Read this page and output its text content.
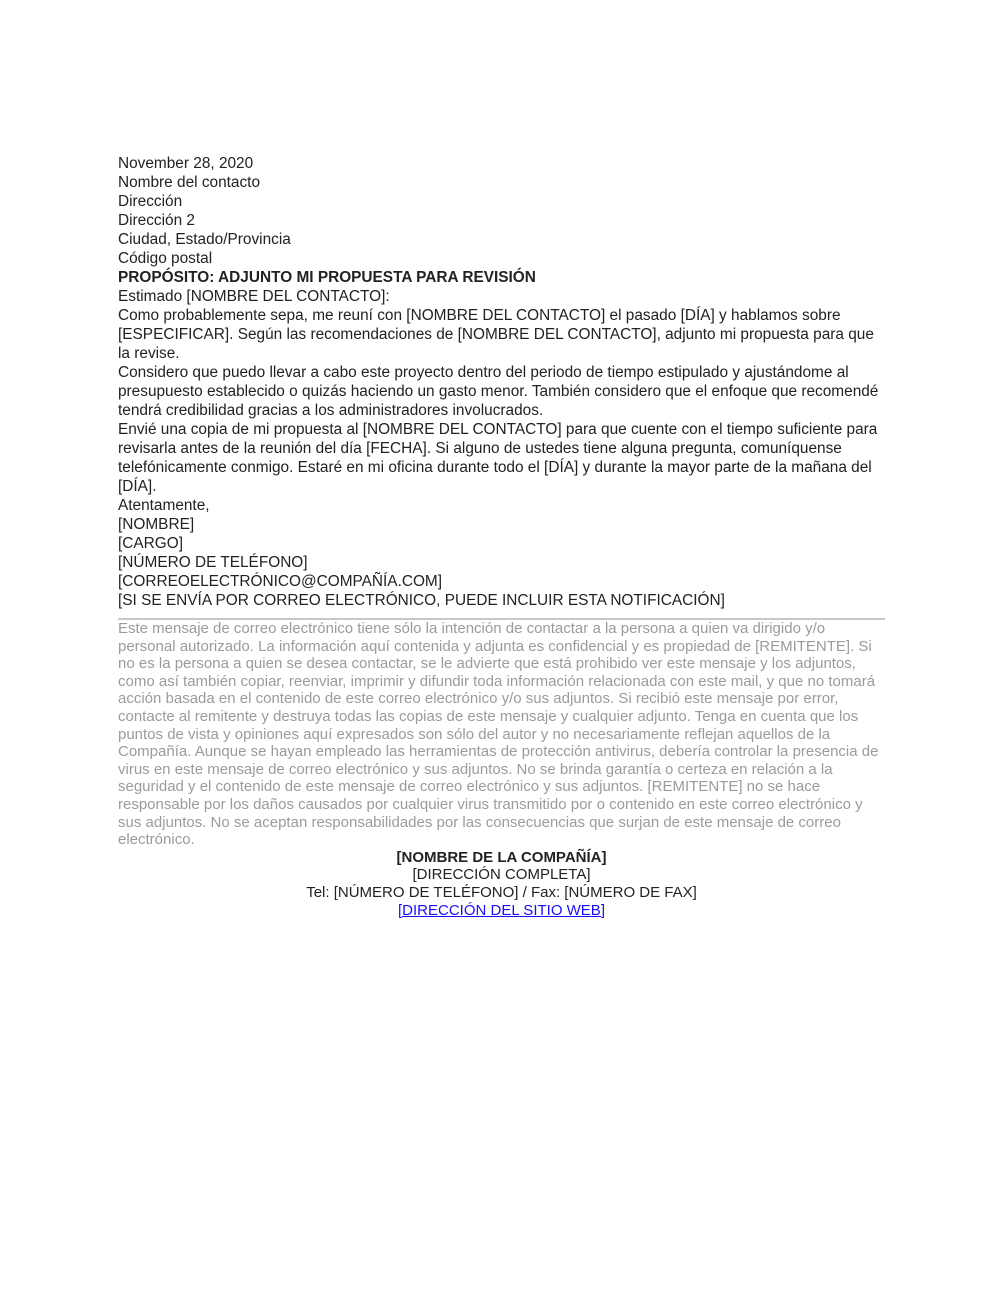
November 28, 2020

Nombre del contacto
Dirección
Dirección 2
Ciudad, Estado/Provincia
Código postal

PROPÓSITO: ADJUNTO MI PROPUESTA PARA REVISIÓN

Estimado [NOMBRE DEL CONTACTO]:

Como probablemente sepa, me reuní con [NOMBRE DEL CONTACTO] el pasado [DÍA] y hablamos sobre [ESPECIFICAR]. Según las recomendaciones de [NOMBRE DEL CONTACTO], adjunto mi propuesta para que la revise.

Considero que puedo llevar a cabo este proyecto dentro del periodo de tiempo estipulado y ajustándome al presupuesto establecido o quizás haciendo un gasto menor. También considero que el enfoque que recomendé tendrá credibilidad gracias a los administradores involucrados.

Envié una copia de mi propuesta al [NOMBRE DEL CONTACTO] para que cuente con el tiempo suficiente para revisarla antes de la reunión del día [FECHA]. Si alguno de ustedes tiene alguna pregunta, comuníquense telefónicamente conmigo. Estaré en mi oficina durante todo el [DÍA] y durante la mayor parte de la mañana del [DÍA].

Atentamente,

[NOMBRE]
[CARGO]
[NÚMERO DE TELÉFONO]
[CORREOELECTRÓNICO@COMPAÑÍA.COM]

[SI SE ENVÍA POR CORREO ELECTRÓNICO, PUEDE INCLUIR ESTA NOTIFICACIÓN]

Este mensaje de correo electrónico tiene sólo la intención de contactar a la persona a quien va dirigido y/o personal autorizado. La información aquí contenida y adjunta es confidencial y es propiedad de [REMITENTE]. Si no es la persona a quien se desea contactar, se le advierte que está prohibido ver este mensaje y los adjuntos, como así también copiar, reenviar, imprimir y difundir toda información relacionada con este mail, y que no tomará acción basada en el contenido de este correo electrónico y/o sus adjuntos. Si recibió este mensaje por error, contacte al remitente y destruya todas las copias de este mensaje y cualquier adjunto. Tenga en cuenta que los puntos de vista y opiniones aquí expresados son sólo del autor y no necesariamente reflejan aquellos de la Compañía. Aunque se hayan empleado las herramientas de protección antivirus, debería controlar la presencia de virus en este mensaje de correo electrónico y sus adjuntos. No se brinda garantía o certeza en relación a la seguridad y el contenido de este mensaje de correo electrónico y sus adjuntos. [REMITENTE] no se hace responsable por los daños causados por cualquier virus transmitido por o contenido en este correo electrónico y sus adjuntos. No se aceptan responsabilidades por las consecuencias que surjan de este mensaje de correo electrónico.

[NOMBRE DE LA COMPAÑÍA]
[DIRECCIÓN COMPLETA]
Tel: [NÚMERO DE TELÉFONO] / Fax: [NÚMERO DE FAX]
[DIRECCIÓN DEL SITIO WEB]
